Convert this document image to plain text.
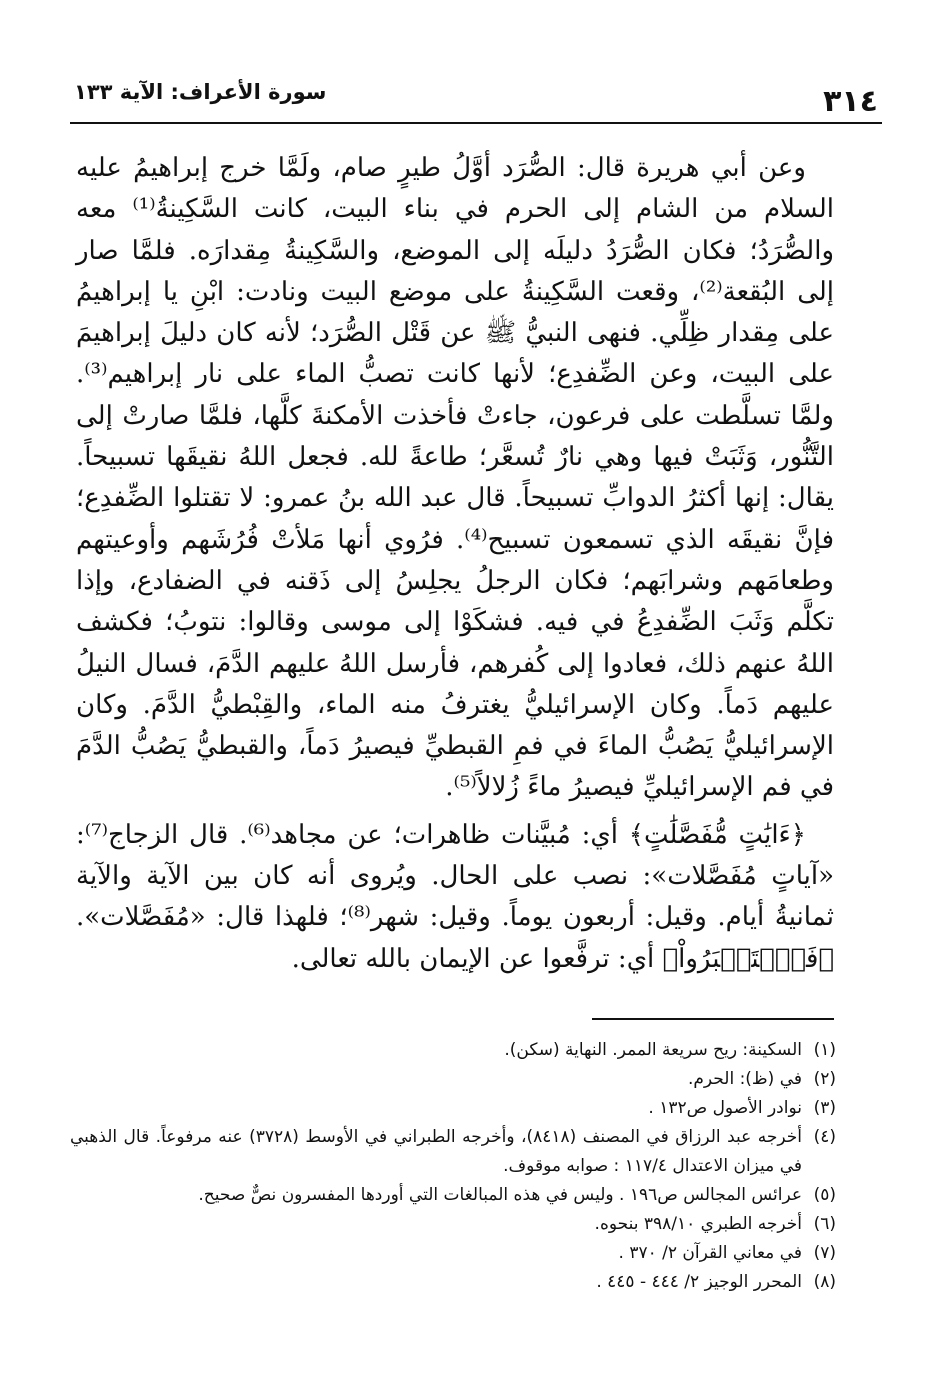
٣١٤
سورة الأعراف: الآية ١٣٣

وعن أبي هريرة قال: الصُّرَد أوَّلُ طيرٍ صام، ولَمَّا خرج إبراهيمُ عليه السلام من الشام إلى الحرم في بناء البيت، كانت السَّكِينةُ⁽¹⁾ معه والصُّرَدُ؛ فكان الصُّرَدُ دليلَه إلى الموضع، والسَّكِينةُ مِقدارَه. فلمَّا صار إلى البُقعة⁽²⁾، وقعت السَّكِينةُ على موضع البيت ونادت: ابْنِ يا إبراهيمُ على مِقدار ظِلِّي. فنهى النبيُّ ﷺ عن قَتْل الصُّرَد؛ لأنه كان دليلَ إبراهيمَ على البيت، وعن الضِّفدِع؛ لأنها كانت تصبُّ الماء على نار إبراهيم⁽³⁾. ولمَّا تسلَّطت على فرعون، جاءتْ فأخذت الأمكنةَ كلَّها، فلمَّا صارتْ إلى التَّنُّور، وَثَبَتْ فيها وهي نارٌ تُسعَّر؛ طاعةً لله. فجعل اللهُ نقيقَها تسبيحاً. يقال: إنها أكثرُ الدوابِّ تسبيحاً. قال عبد الله بنُ عمرو: لا تقتلوا الضِّفدِع؛ فإنَّ نقيقَه الذي تسمعون تسبيح⁽⁴⁾. فرُوي أنها مَلأتْ فُرُشَهم وأوعيتهم وطعامَهم وشرابَهم؛ فكان الرجلُ يجلِسُ إلى ذَقنه في الضفادع، وإذا تكلَّم وَثَبَ الضِّفدِعُ في فيه. فشكَوْا إلى موسى وقالوا: نتوبُ؛ فكشف اللهُ عنهم ذلك، فعادوا إلى كُفرهم، فأرسل اللهُ عليهم الدَّمَ، فسال النيلُ عليهم دَماً. وكان الإسرائيليُّ يغترفُ منه الماء، والقِبْطيُّ الدَّمَ. وكان الإسرائيليُّ يَصُبُّ الماءَ في فمِ القبطيِّ فيصيرُ دَماً، والقبطيُّ يَصُبُّ الدَّمَ في فم الإسرائيليِّ فيصيرُ ماءً زُلالاً⁽⁵⁾.

﴿ءَايَٰتٍ مُّفَصَّلَٰتٍ﴾ أي: مُبيَّنات ظاهرات؛ عن مجاهد⁽⁶⁾. قال الزجاج⁽⁷⁾: «آياتٍ مُفَصَّلات»: نصب على الحال. ويُروى أنه كان بين الآية والآية ثمانيةُ أيام. وقيل: أربعون يوماً. وقيل: شهر⁽⁸⁾؛ فلهذا قال: «مُفَصَّلات». ﴿فَٱسۡتَكۡبَرُواْ﴾ أي: ترفَّعوا عن الإيمان بالله تعالى.

(١)
السكينة: ريح سريعة الممر. النهاية (سكن).

(٢)
في (ظ): الحرم.

(٣)
نوادر الأصول ص١٣٢ .

(٤)
أخرجه عبد الرزاق في المصنف (٨٤١٨)، وأخرجه الطبراني في الأوسط (٣٧٢٨) عنه مرفوعاً. قال الذهبي في ميزان الاعتدال ١١٧/٤ : صوابه موقوف.

(٥)
عرائس المجالس ص١٩٦ . وليس في هذه المبالغات التي أوردها المفسرون نصٌّ صحيح.

(٦)
أخرجه الطبري ٣٩٨/١٠ بنحوه.

(٧)
في معاني القرآن ٢/ ٣٧٠ .

(٨)
المحرر الوجيز ٢/ ٤٤٤ - ٤٤٥ .
